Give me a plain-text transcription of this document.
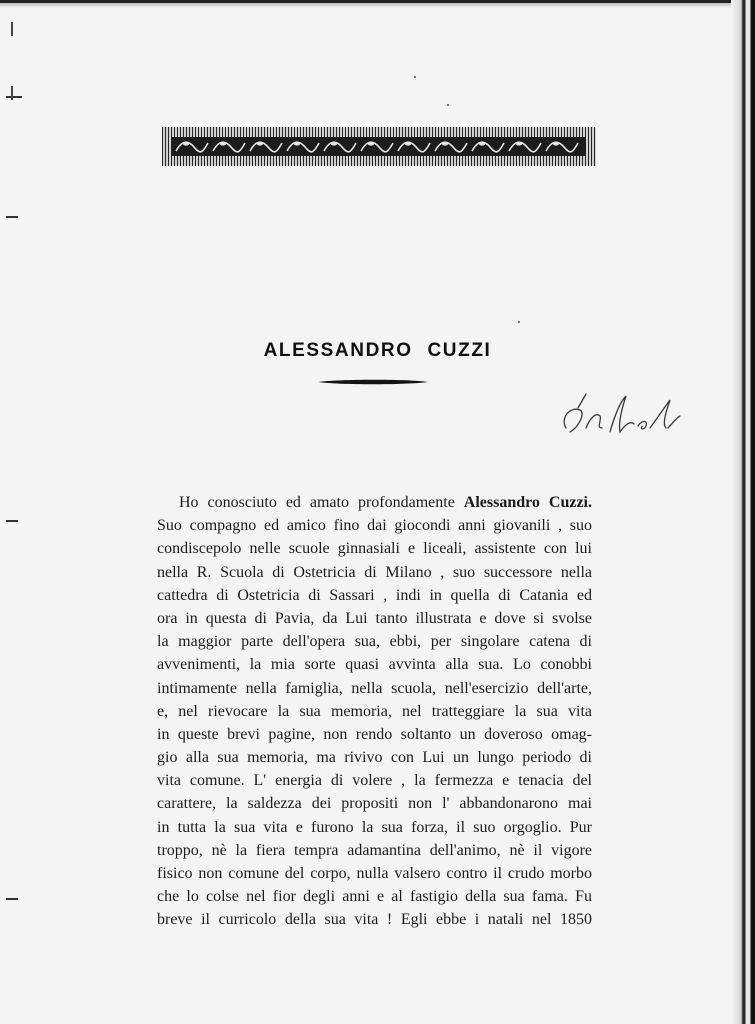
ALESSANDRO CUZZI

Ho conosciuto ed amato profondamente Alessandro Cuzzi.
Suo compagno ed amico fino dai giocondi anni giovanili , suo
condiscepolo nelle scuole ginnasiali e liceali, assistente con lui
nella R. Scuola di Ostetricia di Milano , suo successore nella
cattedra di Ostetricia di Sassari , indi in quella di Catania ed
ora in questa di Pavia, da Lui tanto illustrata e dove si svolse
la maggior parte dell'opera sua, ebbi, per singolare catena di
avvenimenti, la mia sorte quasi avvinta alla sua. Lo conobbi
intimamente nella famiglia, nella scuola, nell'esercizio dell'arte,
e, nel rievocare la sua memoria, nel tratteggiare la sua vita
in queste brevi pagine, non rendo soltanto un doveroso omag-
gio alla sua memoria, ma rivivo con Lui un lungo periodo di
vita comune. L' energia di volere , la fermezza e tenacia del
carattere, la saldezza dei propositi non l' abbandonarono mai
in tutta la sua vita e furono la sua forza, il suo orgoglio. Pur
troppo, nè la fiera tempra adamantina dell'animo, nè il vigore
fisico non comune del corpo, nulla valsero contro il crudo morbo
che lo colse nel fior degli anni e al fastigio della sua fama. Fu
breve il curricolo della sua vita ! Egli ebbe i natali nel 1850
